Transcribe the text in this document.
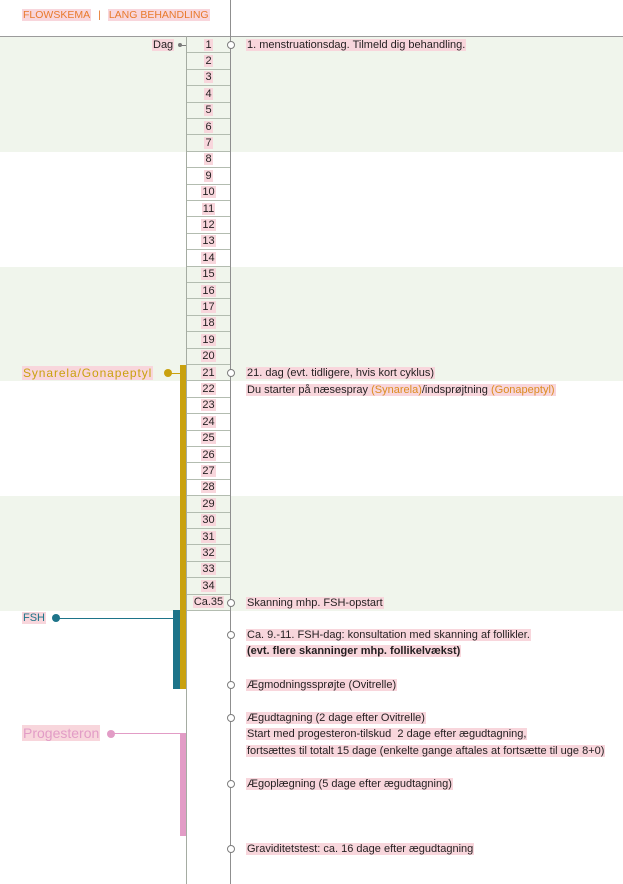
FLOWSKEMA | LANG BEHANDLING
1
2
3
4
5
6
7
8
9
10
11
12
13
14
15
16
17
18
19
20
21
22
23
24
25
26
27
28
29
30
31
32
33
34
Ca.35
Dag
Synarela/Gonapeptyl
FSH
Progesteron
1. menstruationsdag. Tilmeld dig behandling.
21. dag (evt. tidligere, hvis kort cyklus)
Du starter på næsespray (Synarela)/indsprøjtning (Gonapeptyl)
Skanning mhp. FSH-opstart
Ca. 9.-11. FSH-dag: konsultation med skanning af follikler.
(evt. flere skanninger mhp. follikelvækst)
Ægmodningssprøjte (Ovitrelle)
Ægudtagning (2 dage efter Ovitrelle)
Start med progesteron-tilskud  2 dage efter ægudtagning,
fortsættes til totalt 15 dage (enkelte gange aftales at fortsætte til uge 8+0)
Ægoplægning (5 dage efter ægudtagning)
Graviditetstest: ca. 16 dage efter ægudtagning
